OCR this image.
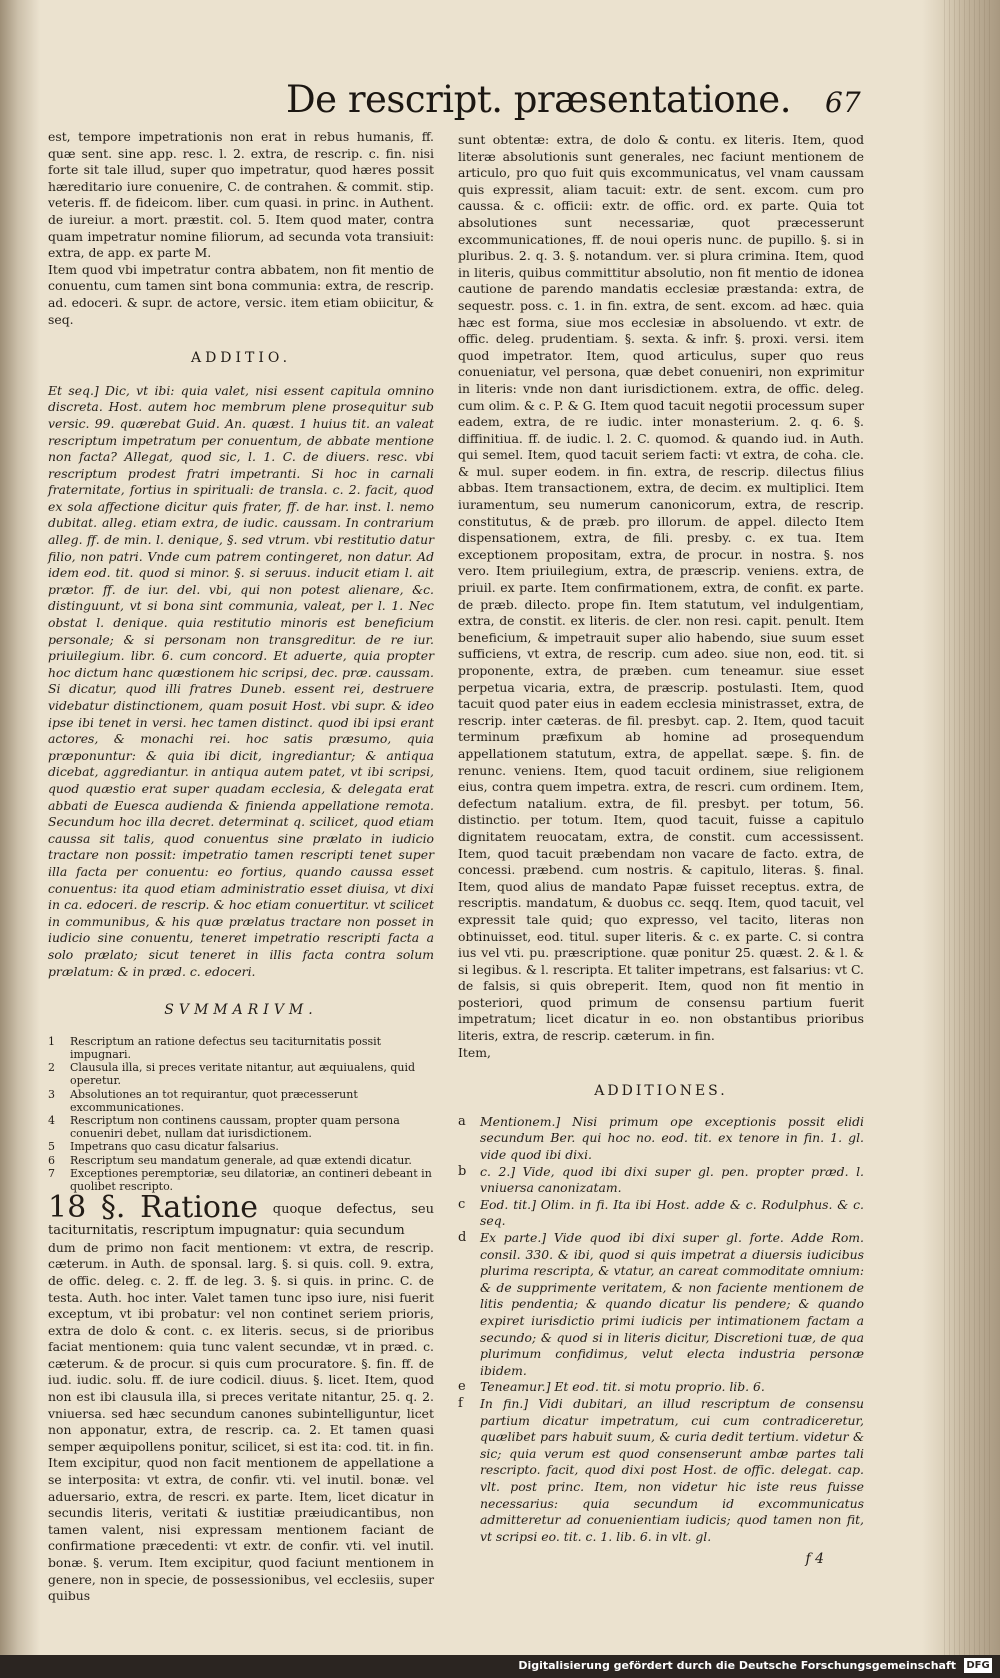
De rescript. præsentatione. 67

est, tempore impetrationis non erat in rebus humanis, ff. quæ sent. sine app. resc. l. 2. extra, de rescrip. c. fin. nisi forte sit tale illud, super quo impetratur, quod hæres possit hæreditario iure conuenire, C. de contrahen. & commit. stip. veteris. ff. de fideicom. liber. cum quasi. in princ. in Authent. de iureiur. a mort. præstit. col. 5. Item quod mater, contra quam impetratur nomine filiorum, ad secunda vota transiuit: extra, de app. ex parte M.

Item quod vbi impetratur contra abbatem, non fit mentio de conuentu, cum tamen sint bona communia: extra, de rescrip. ad. edoceri. & supr. de actore, versic. item etiam obiicitur, & seq.

ADDITIO.

Et seq.] Dic, vt ibi: quia valet, nisi essent capitula omnino discreta. Host. autem hoc membrum plene prosequitur sub versic. 99. quærebat Guid. An. quæst. 1 huius tit. an valeat rescriptum impetratum per conuentum, de abbate mentione non facta? Allegat, quod sic, l. 1. C. de diuers. resc. vbi rescriptum prodest fratri impetranti. Si hoc in carnali fraternitate, fortius in spirituali: de transla. c. 2. facit, quod ex sola affectione dicitur quis frater, ff. de har. inst. l. nemo dubitat. alleg. etiam extra, de iudic. caussam. In contrarium alleg. ff. de min. l. denique, §. sed vtrum. vbi restitutio datur filio, non patri. Vnde cum patrem contingeret, non datur. Ad idem eod. tit. quod si minor. §. si seruus. inducit etiam l. ait prætor. ff. de iur. del. vbi, qui non potest alienare, &c. distinguunt, vt si bona sint communia, valeat, per l. 1. Nec obstat l. denique. quia restitutio minoris est beneficium personale; & si personam non transgreditur. de re iur. priuilegium. libr. 6. cum concord. Et aduerte, quia propter hoc dictum hanc quæstionem hic scripsi, dec. præ. caussam. Si dicatur, quod illi fratres Duneb. essent rei, destruere videbatur distinctionem, quam posuit Host. vbi supr. & ideo ipse ibi tenet in versi. hec tamen distinct. quod ibi ipsi erant actores, & monachi rei. hoc satis præsumo, quia præponuntur: & quia ibi dicit, ingrediantur; & antiqua dicebat, aggrediantur. in antiqua autem patet, vt ibi scripsi, quod quæstio erat super quadam ecclesia, & delegata erat abbati de Euesca audienda & finienda appellatione remota. Secundum hoc illa decret. determinat q. scilicet, quod etiam caussa sit talis, quod conuentus sine prælato in iudicio tractare non possit: impetratio tamen rescripti tenet super illa facta per conuentu: eo fortius, quando caussa esset conuentus: ita quod etiam administratio esset diuisa, vt dixi in ca. edoceri. de rescrip. & hoc etiam conuertitur. vt scilicet in communibus, & his quæ prælatus tractare non posset in iudicio sine conuentu, teneret impetratio rescripti facta a solo prælato; sicut teneret in illis facta contra solum prælatum: & in præd. c. edoceri.

SVMMARIVM.
1 Rescriptum an ratione defectus seu taciturnitatis possit impugnari.
2 Clausula illa, si preces veritate nitantur, aut æquiualens, quid operetur.
3 Absolutiones an tot requirantur, quot præcesserunt excommunicationes.
4 Rescriptum non continens caussam, propter quam persona conueniri debet, nullam dat iurisdictionem.
5 Impetrans quo casu dicatur falsarius.
6 Rescriptum seu mandatum generale, ad quæ extendi dicatur.
7 Exceptiones peremptoriæ, seu dilatoriæ, an contineri debeant in quolibet rescripto.

18 §. Ratione quoque defectus, seu taciturnitatis, rescriptum impugnatur: quia secundum

dum de primo non facit mentionem: vt extra, de rescrip. cæterum. in Auth. de sponsal. larg. §. si quis. coll. 9. extra, de offic. deleg. c. 2. ff. de leg. 3. §. si quis. in princ. C. de testa. Auth. hoc inter. Valet tamen tunc ipso iure, nisi fuerit exceptum, vt ibi probatur: vel non continet seriem prioris, extra de dolo & cont. c. ex literis. secus, si de prioribus faciat mentionem: quia tunc valent secundæ, vt in præd. c. cæterum. & de procur. si quis cum procuratore. §. fin. ff. de iud. iudic. solu. ff. de iure codicil. diuus. §. licet. Item, quod non est ibi clausula illa, si preces veritate nitantur, 25. q. 2. vniuersa. sed hæc secundum canones subintelliguntur, licet non apponatur, extra, de rescrip. ca. 2. Et tamen quasi semper æquipollens ponitur, scilicet, si est ita: cod. tit. in fin. Item excipitur, quod non facit mentionem de appellatione a se interposita: vt extra, de confir. vti. vel inutil. bonæ. vel aduersario, extra, de rescri. ex parte. Item, licet dicatur in secundis literis, veritati & iustitiæ præiudicantibus, non tamen valent, nisi expressam mentionem faciant de confirmatione præcedenti: vt extr. de confir. vti. vel inutil. bonæ. §. verum. Item excipitur, quod faciunt mentionem in genere, non in specie, de possessionibus, vel ecclesiis, super quibus

sunt obtentæ: extra, de dolo & contu. ex literis. Item, quod literæ absolutionis sunt generales, nec faciunt mentionem de articulo, pro quo fuit quis excommunicatus, vel vnam caussam quis expressit, aliam tacuit: extr. de sent. excom. cum pro caussa. & c. officii: extr. de offic. ord. ex parte. Quia tot absolutiones sunt necessariæ, quot præcesserunt excommunicationes, ff. de noui operis nunc. de pupillo. §. si in pluribus. 2. q. 3. §. notandum. ver. si plura crimina. Item, quod in literis, quibus committitur absolutio, non fit mentio de idonea cautione de parendo mandatis ecclesiæ præstanda: extra, de sequestr. poss. c. 1. in fin. extra, de sent. excom. ad hæc. quia hæc est forma, siue mos ecclesiæ in absoluendo. vt extr. de offic. deleg. prudentiam. §. sexta. & infr. §. proxi. versi. item quod impetrator. Item, quod articulus, super quo reus conueniatur, vel persona, quæ debet conueniri, non exprimitur in literis: vnde non dant iurisdictionem. extra, de offic. deleg. cum olim. & c. P. & G. Item quod tacuit negotii processum super eadem, extra, de re iudic. inter monasterium. 2. q. 6. §. diffinitiua. ff. de iudic. l. 2. C. quomod. & quando iud. in Auth. qui semel. Item, quod tacuit seriem facti: vt extra, de coha. cle. & mul. super eodem. in fin. extra, de rescrip. dilectus filius abbas. Item transactionem, extra, de decim. ex multiplici. Item iuramentum, seu numerum canonicorum, extra, de rescrip. constitutus, & de præb. pro illorum. de appel. dilecto Item dispensationem, extra, de fili. presby. c. ex tua. Item exceptionem propositam, extra, de procur. in nostra. §. nos vero. Item priuilegium, extra, de præscrip. veniens. extra, de priuil. ex parte. Item confirmationem, extra, de confit. ex parte. de præb. dilecto. prope fin. Item statutum, vel indulgentiam, extra, de constit. ex literis. de cler. non resi. capit. penult. Item beneficium, & impetrauit super alio habendo, siue suum esset sufficiens, vt extra, de rescrip. cum adeo. siue non, eod. tit. si proponente, extra, de præben. cum teneamur. siue esset perpetua vicaria, extra, de præscrip. postulasti. Item, quod tacuit quod pater eius in eadem ecclesia ministrasset, extra, de rescrip. inter cæteras. de fil. presbyt. cap. 2. Item, quod tacuit terminum præfixum ab homine ad prosequendum appellationem statutum, extra, de appellat. sæpe. §. fin. de renunc. veniens. Item, quod tacuit ordinem, siue religionem eius, contra quem impetra. extra, de rescri. cum ordinem. Item, defectum natalium. extra, de fil. presbyt. per totum, 56. distinctio. per totum. Item, quod tacuit, fuisse a capitulo dignitatem reuocatam, extra, de constit. cum accessissent. Item, quod tacuit præbendam non vacare de facto. extra, de concessi. præbend. cum nostris. & capitulo, literas. §. final. Item, quod alius de mandato Papæ fuisset receptus. extra, de rescriptis. mandatum, & duobus cc. seqq. Item, quod tacuit, vel expressit tale quid; quo expresso, vel tacito, literas non obtinuisset, eod. titul. super literis. & c. ex parte. C. si contra ius vel vti. pu. præscriptione. quæ ponitur 25. quæst. 2. & l. & si legibus. & l. rescripta. Et taliter impetrans, est falsarius: vt C. de falsis, si quis obreperit. Item, quod non fit mentio in posteriori, quod primum de consensu partium fuerit impetratum; licet dicatur in eo. non obstantibus prioribus literis, extra, de rescrip. cæterum. in fin.

Item,

ADDITIONES.

a Mentionem.] Nisi primum ope exceptionis possit elidi secundum Ber. qui hoc no. eod. tit. ex tenore in fin. 1. gl. vide quod ibi dixi.

b c. 2.] Vide, quod ibi dixi super gl. pen. propter præd. l. vniuersa canonizatam.

c Eod. tit.] Olim. in fi. Ita ibi Host. adde & c. Rodulphus. & c. seq.

d Ex parte.] Vide quod ibi dixi super gl. forte. Adde Rom. consil. 330. & ibi, quod si quis impetrat a diuersis iudicibus plurima rescripta, & vtatur, an careat commoditate omnium: & de supprimente veritatem, & non faciente mentionem de litis pendentia; & quando dicatur lis pendere; & quando expiret iurisdictio primi iudicis per intimationem factam a secundo; & quod si in literis dicitur, Discretioni tuæ, de qua plurimum confidimus, velut electa industria personæ ibidem.

e Teneamur.] Et eod. tit. si motu proprio. lib. 6.

f In fin.] Vidi dubitari, an illud rescriptum de consensu partium dicatur impetratum, cui cum contradiceretur, quælibet pars habuit suum, & curia dedit tertium. videtur & sic; quia verum est quod consenserunt ambæ partes tali rescripto. facit, quod dixi post Host. de offic. delegat. cap. vlt. post princ. Item, non videtur hic iste reus fuisse necessarius: quia secundum id excommunicatus admitteretur ad conuenientiam iudicis; quod tamen non fit, vt scripsi eo. tit. c. 1. lib. 6. in vlt. gl.

f 4
Digitalisierung gefördert durch die Deutsche Forschungsgemeinschaft DFG
